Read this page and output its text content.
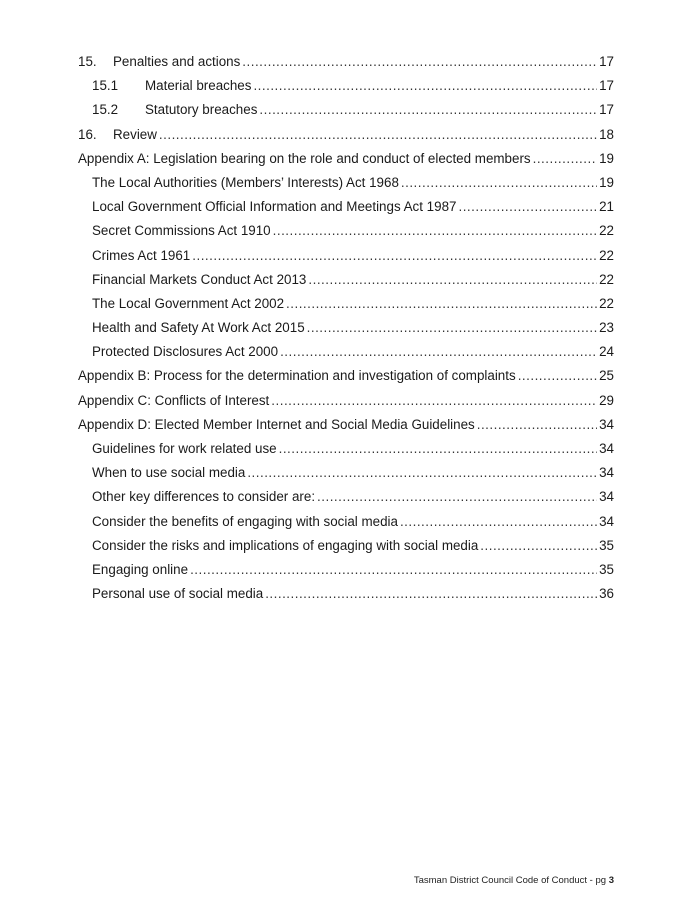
15.	Penalties and actions .....	17
15.1	Material breaches .....	17
15.2	Statutory breaches .....	17
16.	Review .....	18
Appendix A: Legislation bearing on the role and conduct of elected members .....	19
The Local Authorities (Members’ Interests) Act 1968 .....	19
Local Government Official Information and Meetings Act 1987 .....	21
Secret Commissions Act 1910 .....	22
Crimes Act 1961 .....	22
Financial Markets Conduct Act 2013 .....	22
The Local Government Act 2002 .....	22
Health and Safety At Work Act 2015 .....	23
Protected Disclosures Act 2000 .....	24
Appendix B: Process for the determination and investigation of complaints .....	25
Appendix C: Conflicts of Interest .....	29
Appendix D: Elected Member Internet and Social Media Guidelines .....	34
Guidelines for work related use .....	34
When to use social media .....	34
Other key differences to consider are: .....	34
Consider the benefits of engaging with social media .....	34
Consider the risks and implications of engaging with social media .....	35
Engaging online .....	35
Personal use of social media .....	36
Tasman District Council Code of Conduct - pg 3
